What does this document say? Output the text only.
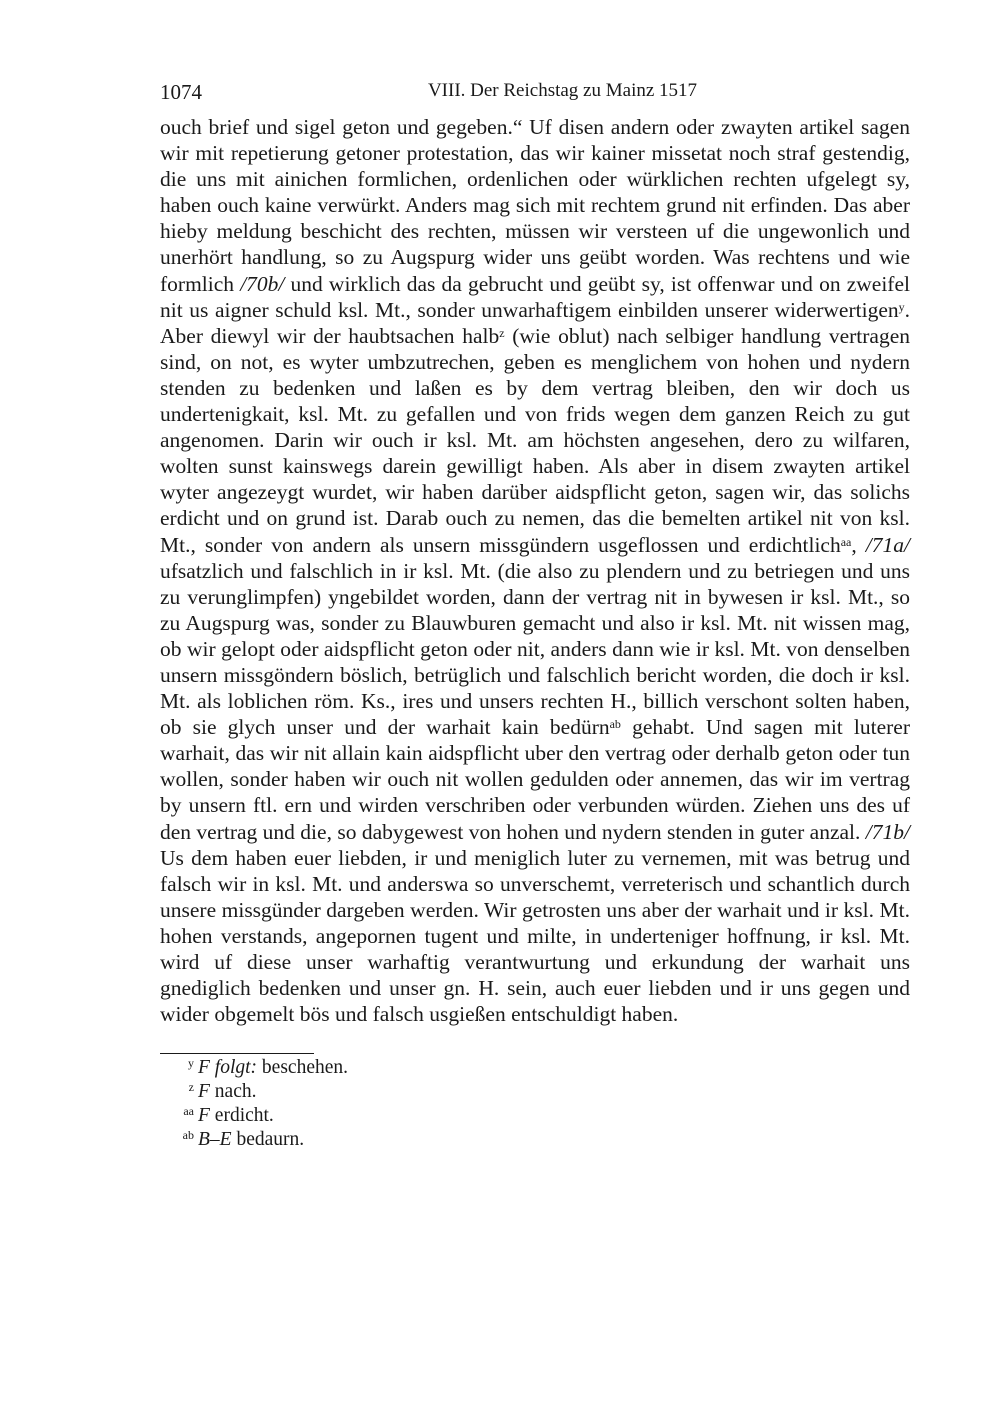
1074	VIII. Der Reichstag zu Mainz 1517
ouch brief und sigel geton und gegeben.“ Uf disen andern oder zwayten artikel sagen wir mit repetierung getoner protestation, das wir kainer missetat noch straf gestendig, die uns mit ainichen formlichen, ordenlichen oder würklichen rechten ufgelegt sy, haben ouch kaine verwürkt. Anders mag sich mit rechtem grund nit erfinden. Das aber hieby meldung beschicht des rechten, müssen wir versteen uf die ungewonlich und unerhört handlung, so zu Augspurg wider uns geübt worden. Was rechtens und wie formlich /70b/ und wirklich das da gebrucht und geübt sy, ist offenwar und on zweifel nit us aigner schuld ksl. Mt., sonder unwarhaftigem einbilden unserer widerwertigen$^y$. Aber diewyl wir der haubtsachen halb$^z$ (wie oblut) nach selbiger handlung vertragen sind, on not, es wyter umbzutrechen, geben es menglichem von hohen und nydern stenden zu bedenken und laßen es by dem vertrag bleiben, den wir doch us undertenigkait, ksl. Mt. zu gefallen und von frids wegen dem ganzen Reich zu gut angenomen. Darin wir ouch ir ksl. Mt. am höchsten angesehen, dero zu wilfaren, wolten sunst kainswegs darein gewilligt haben. Als aber in disem zwayten artikel wyter angezeygt wurdet, wir haben darüber aidspflicht geton, sagen wir, das solichs erdicht und on grund ist. Darab ouch zu nemen, das die bemelten artikel nit von ksl. Mt., sonder von andern als unsern missgündern usgeflossen und erdichtlich$^{aa}$, /71a/ ufsatzlich und falschlich in ir ksl. Mt. (die also zu plendern und zu betriegen und uns zu verunglimpfen) yngebildet worden, dann der vertrag nit in bywesen ir ksl. Mt., so zu Augspurg was, sonder zu Blauwburen gemacht und also ir ksl. Mt. nit wissen mag, ob wir gelopt oder aidspflicht geton oder nit, anders dann wie ir ksl. Mt. von denselben unsern missgöndern böslich, betrüglich und falschlich bericht worden, die doch ir ksl. Mt. als loblichen röm. Ks., ires und unsers rechten H., billich verschont solten haben, ob sie glych unser und der warhait kain bedürn$^{ab}$ gehabt. Und sagen mit luterer warhait, das wir nit allain kain aidspflicht uber den vertrag oder derhalb geton oder tun wollen, sonder haben wir ouch nit wollen gedulden oder annemen, das wir im vertrag by unsern ftl. ern und wirden verschriben oder verbunden würden. Ziehen uns des uf den vertrag und die, so dabygewest von hohen und nydern stenden in guter anzal. /71b/ Us dem haben euer liebden, ir und meniglich luter zu vernemen, mit was betrug und falsch wir in ksl. Mt. und anderswa so unverschemt, verreterisch und schantlich durch unsere missgünder dargeben werden. Wir getrosten uns aber der warhait und ir ksl. Mt. hohen verstands, angepornen tugent und milte, in underteniger hoffnung, ir ksl. Mt. wird uf diese unser warhaftig verantwurtung und erkundung der warhait uns gnediglich bedenken und unser gn. H. sein, auch euer liebden und ir uns gegen und wider obgemelt bös und falsch usgießen entschuldigt haben.
$^y$ F folgt: beschehen.
$^z$ F nach.
$^{aa}$ F erdicht.
$^{ab}$ B–E bedaurn.
